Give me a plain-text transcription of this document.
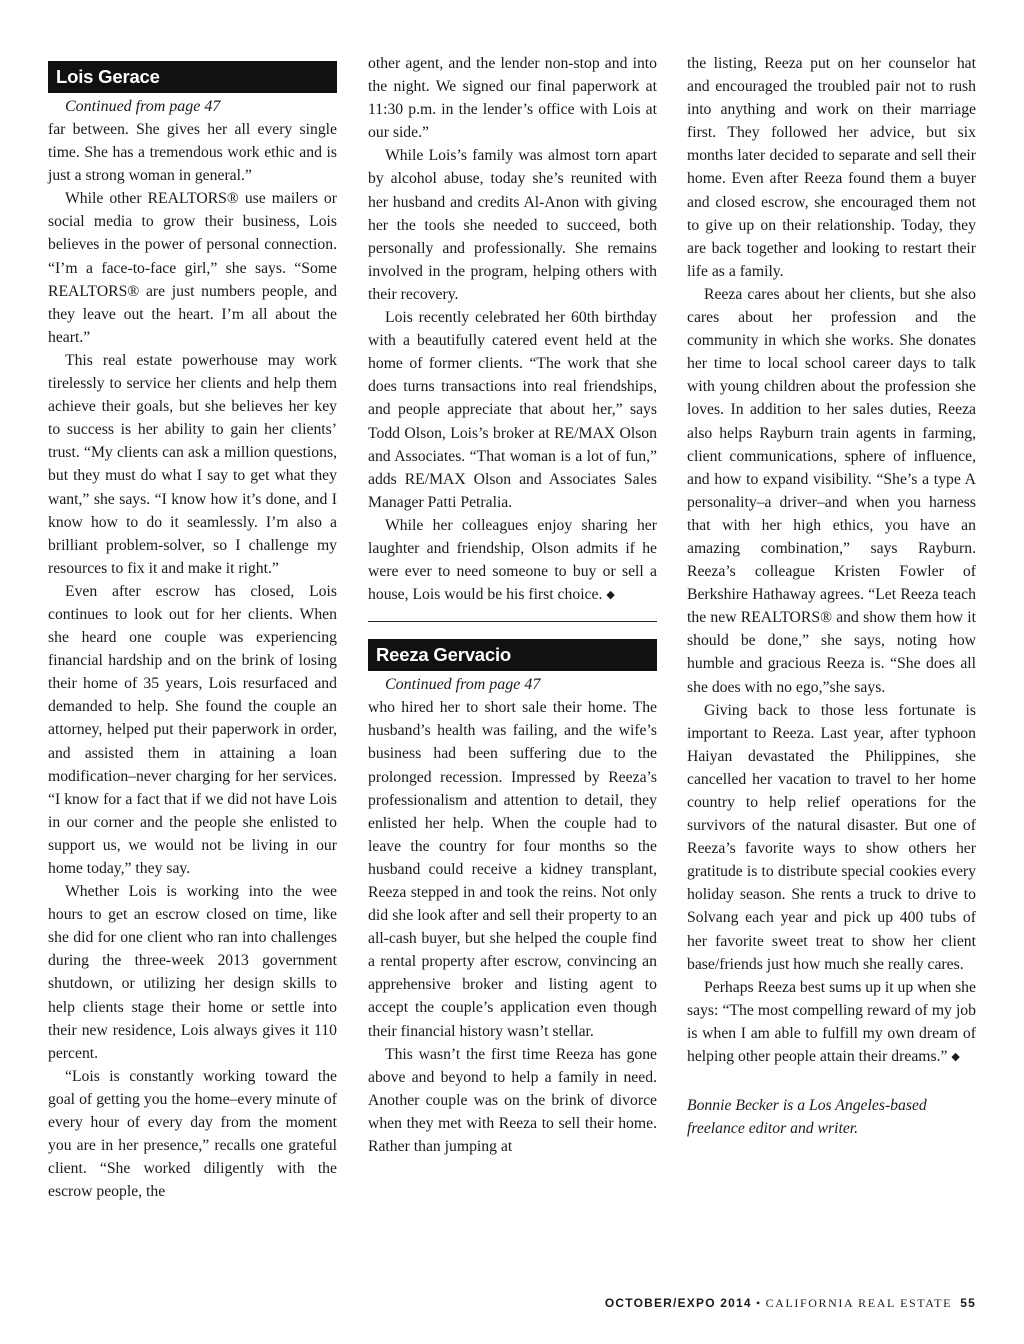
Lois Gerace

Continued from page 47

far between. She gives her all every single time. She has a tremendous work ethic and is just a strong woman in general.”

While other REALTORS® use mailers or social media to grow their business, Lois believes in the power of personal connection. “I’m a face-to-face girl,” she says. “Some REALTORS® are just numbers people, and they leave out the heart. I’m all about the heart.”

This real estate powerhouse may work tirelessly to service her clients and help them achieve their goals, but she believes her key to success is her ability to gain her clients’ trust. “My clients can ask a million questions, but they must do what I say to get what they want,” she says. “I know how it’s done, and I know how to do it seamlessly. I’m also a brilliant problem-solver, so I challenge my resources to fix it and make it right.”

Even after escrow has closed, Lois continues to look out for her clients. When she heard one couple was experiencing financial hardship and on the brink of losing their home of 35 years, Lois resurfaced and demanded to help. She found the couple an attorney, helped put their paperwork in order, and assisted them in attaining a loan modification–never charging for her services. “I know for a fact that if we did not have Lois in our corner and the people she enlisted to support us, we would not be living in our home today,” they say.

Whether Lois is working into the wee hours to get an escrow closed on time, like she did for one client who ran into challenges during the three-week 2013 government shutdown, or utilizing her design skills to help clients stage their home or settle into their new residence, Lois always gives it 110 percent.

“Lois is constantly working toward the goal of getting you the home–every minute of every hour of every day from the moment you are in her presence,” recalls one grateful client. “She worked diligently with the escrow people, the

other agent, and the lender non-stop and into the night. We signed our final paperwork at 11:30 p.m. in the lender’s office with Lois at our side.”

While Lois’s family was almost torn apart by alcohol abuse, today she’s reunited with her husband and credits Al-Anon with giving her the tools she needed to succeed, both personally and professionally. She remains involved in the program, helping others with their recovery.

Lois recently celebrated her 60th birthday with a beautifully catered event held at the home of former clients. “The work that she does turns transactions into real friendships, and people appreciate that about her,” says Todd Olson, Lois’s broker at RE/MAX Olson and Associates. “That woman is a lot of fun,” adds RE/MAX Olson and Associates Sales Manager Patti Petralia.

While her colleagues enjoy sharing her laughter and friendship, Olson admits if he were ever to need someone to buy or sell a house, Lois would be his first choice. ◆

Reeza Gervacio

Continued from page 47

who hired her to short sale their home. The husband’s health was failing, and the wife’s business had been suffering due to the prolonged recession. Impressed by Reeza’s professionalism and attention to detail, they enlisted her help. When the couple had to leave the country for four months so the husband could receive a kidney transplant, Reeza stepped in and took the reins. Not only did she look after and sell their property to an all-cash buyer, but she helped the couple find a rental property after escrow, convincing an apprehensive broker and listing agent to accept the couple’s application even though their financial history wasn’t stellar.

This wasn’t the first time Reeza has gone above and beyond to help a family in need. Another couple was on the brink of divorce when they met with Reeza to sell their home. Rather than jumping at

the listing, Reeza put on her counselor hat and encouraged the troubled pair not to rush into anything and work on their marriage first. They followed her advice, but six months later decided to separate and sell their home. Even after Reeza found them a buyer and closed escrow, she encouraged them not to give up on their relationship. Today, they are back together and looking to restart their life as a family.

Reeza cares about her clients, but she also cares about her profession and the community in which she works. She donates her time to local school career days to talk with young children about the profession she loves. In addition to her sales duties, Reeza also helps Rayburn train agents in farming, client communications, sphere of influence, and how to expand visibility. “She’s a type A personality–a driver–and when you harness that with her high ethics, you have an amazing combination,” says Rayburn. Reeza’s colleague Kristen Fowler of Berkshire Hathaway agrees. “Let Reeza teach the new REALTORS® and show them how it should be done,” she says, noting how humble and gracious Reeza is. “She does all she does with no ego,”she says.

Giving back to those less fortunate is important to Reeza. Last year, after typhoon Haiyan devastated the Philippines, she cancelled her vacation to travel to her home country to help relief operations for the survivors of the natural disaster. But one of Reeza’s favorite ways to show others her gratitude is to distribute special cookies every holiday season. She rents a truck to drive to Solvang each year and pick up 400 tubs of her favorite sweet treat to show her client base/friends just how much she really cares.

Perhaps Reeza best sums up it up when she says: “The most compelling reward of my job is when I am able to fulfill my own dream of helping other people attain their dreams.” ◆

Bonnie Becker is a Los Angeles-based freelance editor and writer.

OCTOBER/EXPO 2014 • CALIFORNIA REAL ESTATE 55
